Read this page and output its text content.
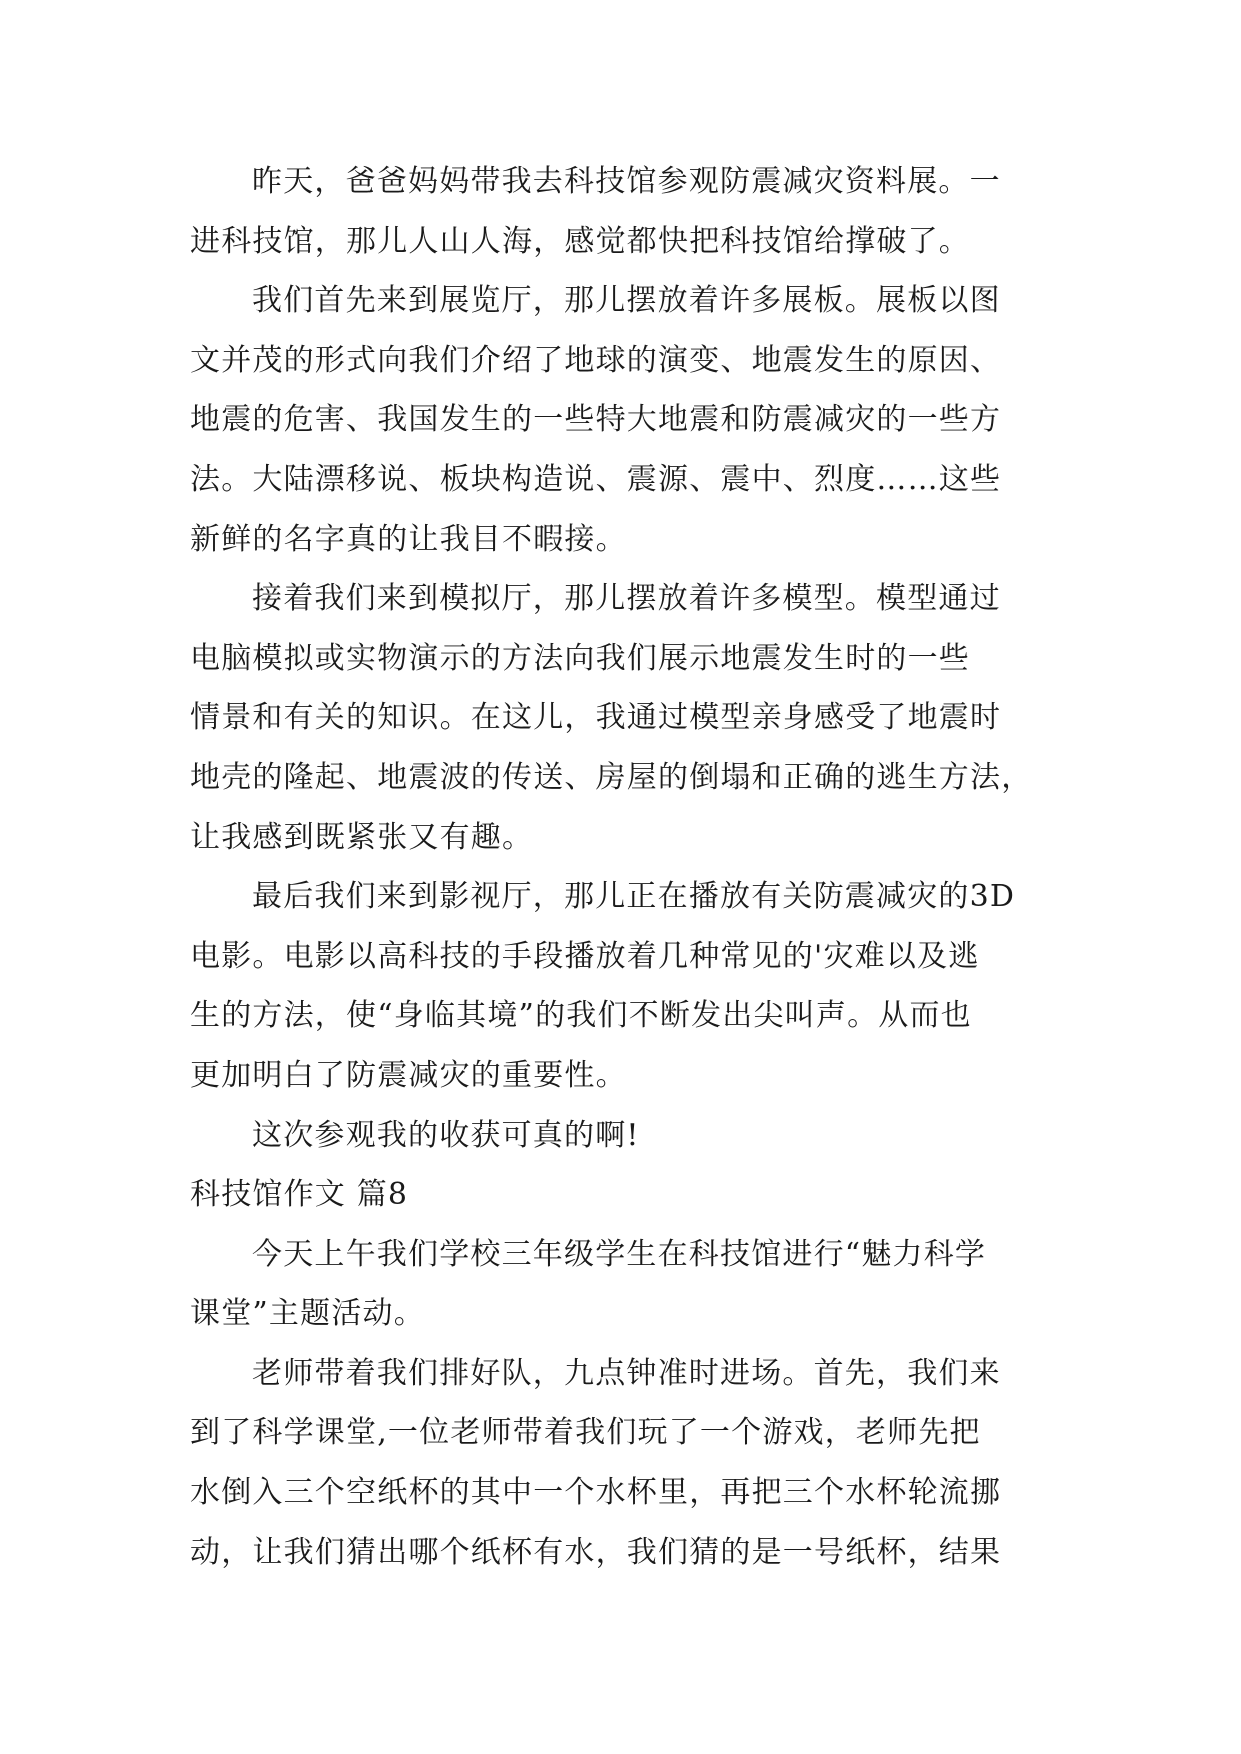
昨天，爸爸妈妈带我去科技馆参观防震减灾资料展。一
进科技馆，那儿人山人海，感觉都快把科技馆给撑破了。
我们首先来到展览厅，那儿摆放着许多展板。展板以图
文并茂的形式向我们介绍了地球的演变、地震发生的原因、
地震的危害、我国发生的一些特大地震和防震减灾的一些方
法。大陆漂移说、板块构造说、震源、震中、烈度……这些
新鲜的名字真的让我目不暇接。
接着我们来到模拟厅，那儿摆放着许多模型。模型通过
电脑模拟或实物演示的方法向我们展示地震发生时的一些
情景和有关的知识。在这儿，我通过模型亲身感受了地震时
地壳的隆起、地震波的传送、房屋的倒塌和正确的逃生方法，
让我感到既紧张又有趣。
最后我们来到影视厅，那儿正在播放有关防震减灾的3D
电影。电影以高科技的手段播放着几种常见的'灾难以及逃
生的方法，使“身临其境”的我们不断发出尖叫声。从而也
更加明白了防震减灾的重要性。
这次参观我的收获可真的啊!
科技馆作文 篇8
今天上午我们学校三年级学生在科技馆进行“魅力科学
课堂”主题活动。
老师带着我们排好队，九点钟准时进场。首先，我们来
到了科学课堂,一位老师带着我们玩了一个游戏，老师先把
水倒入三个空纸杯的其中一个水杯里，再把三个水杯轮流挪
动，让我们猜出哪个纸杯有水，我们猜的是一号纸杯，结果
